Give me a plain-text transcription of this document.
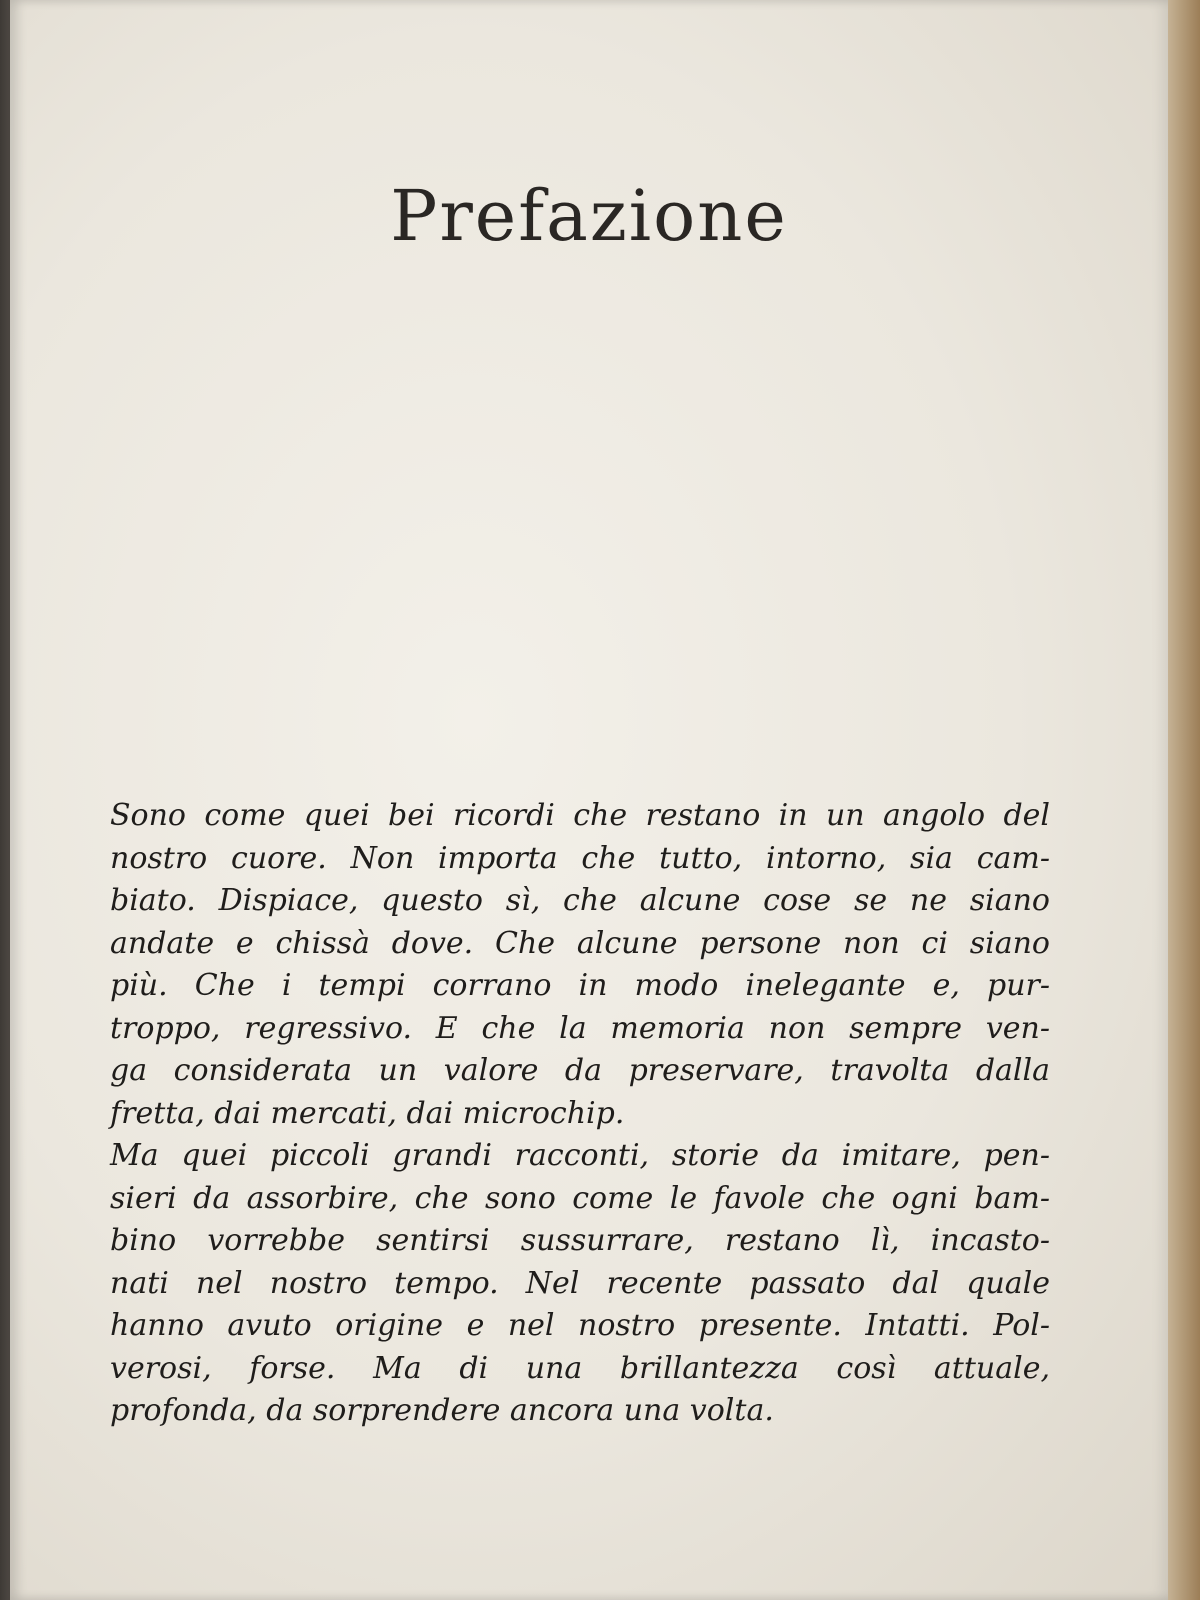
Prefazione
Sono come quei bei ricordi che restano in un angolo del
nostro cuore. Non importa che tutto, intorno, sia cam-
biato. Dispiace, questo sì, che alcune cose se ne siano
andate e chissà dove. Che alcune persone non ci siano
più. Che i tempi corrano in modo inelegante e, pur-
troppo, regressivo. E che la memoria non sempre ven-
ga considerata un valore da preservare, travolta dalla
fretta, dai mercati, dai microchip.
Ma quei piccoli grandi racconti, storie da imitare, pen-
sieri da assorbire, che sono come le favole che ogni bam-
bino vorrebbe sentirsi sussurrare, restano lì, incasto-
nati nel nostro tempo. Nel recente passato dal quale
hanno avuto origine e nel nostro presente. Intatti. Pol-
verosi, forse. Ma di una brillantezza così attuale,
profonda, da sorprendere ancora una volta.
